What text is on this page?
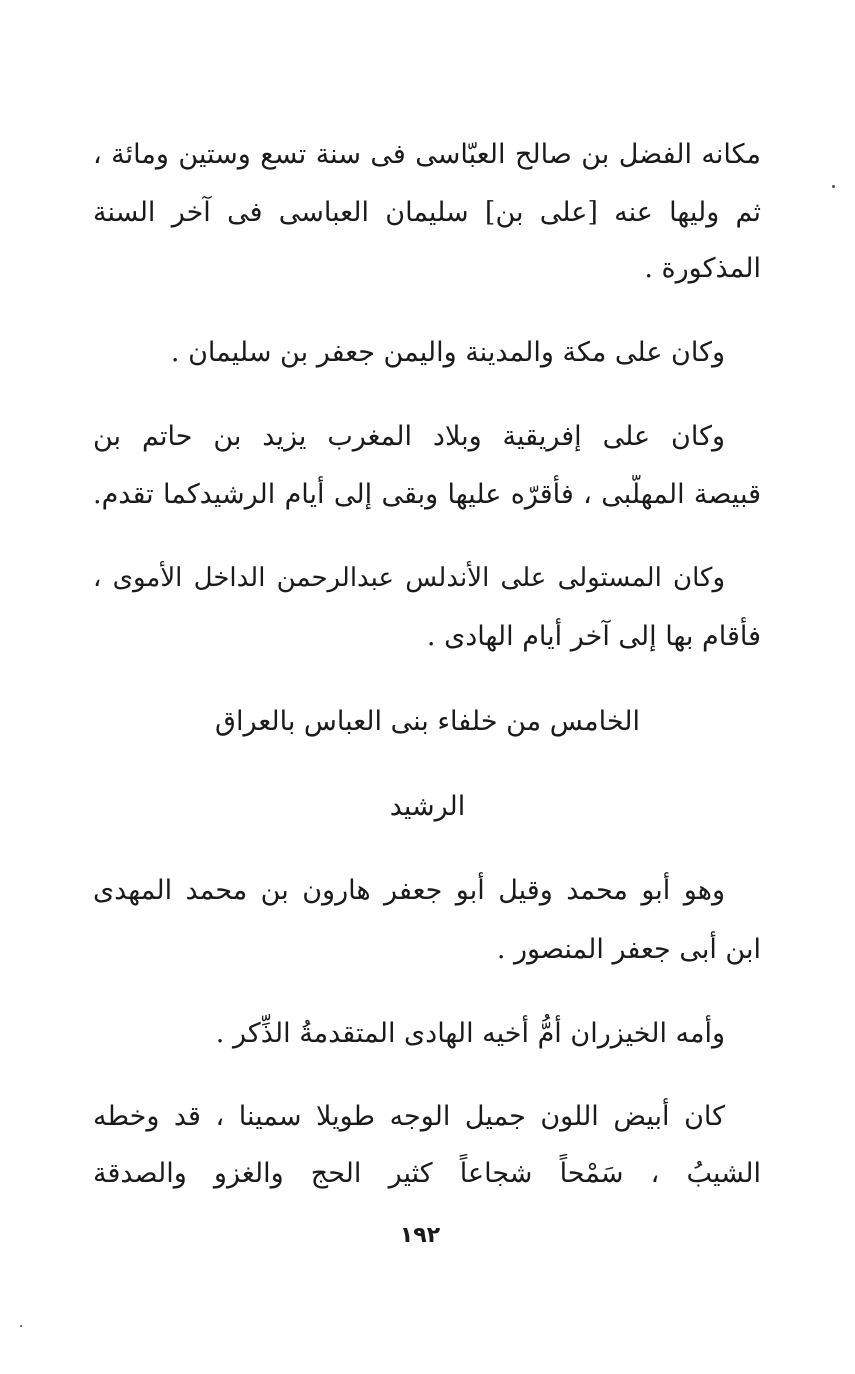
مكانه الفضل بن صالح العبّاسى فى سنة تسع وستين ومائة ،
ثم وليها عنه [على بن] سليمان العباسى فى آخر السنة
المذكورة .
وكان على مكة والمدينة واليمن جعفر بن سليمان .
وكان على إفريقية وبلاد المغرب يزيد بن حاتم بن
قبيصة المهلّبى ، فأقرّه عليها وبقى إلى أيام الرشيدكما تقدم.
وكان المستولى على الأندلس عبدالرحمن الداخل الأموى ،
فأقام بها إلى آخر أيام الهادى .
الخامس من خلفاء بنى العباس بالعراق
الرشيد
وهو أبو محمد وقيل أبو جعفر هارون بن محمد المهدى
ابن أبى جعفر المنصور .
وأمه الخيزران أمُّ أخيه الهادى المتقدمةُ الذِّكر .
كان أبيض اللون جميل الوجه طويلا سمينا ، قد وخطه
الشيبُ ، سَمْحاً شجاعاً كثير الحج والغزو والصدقة
١٩٢
